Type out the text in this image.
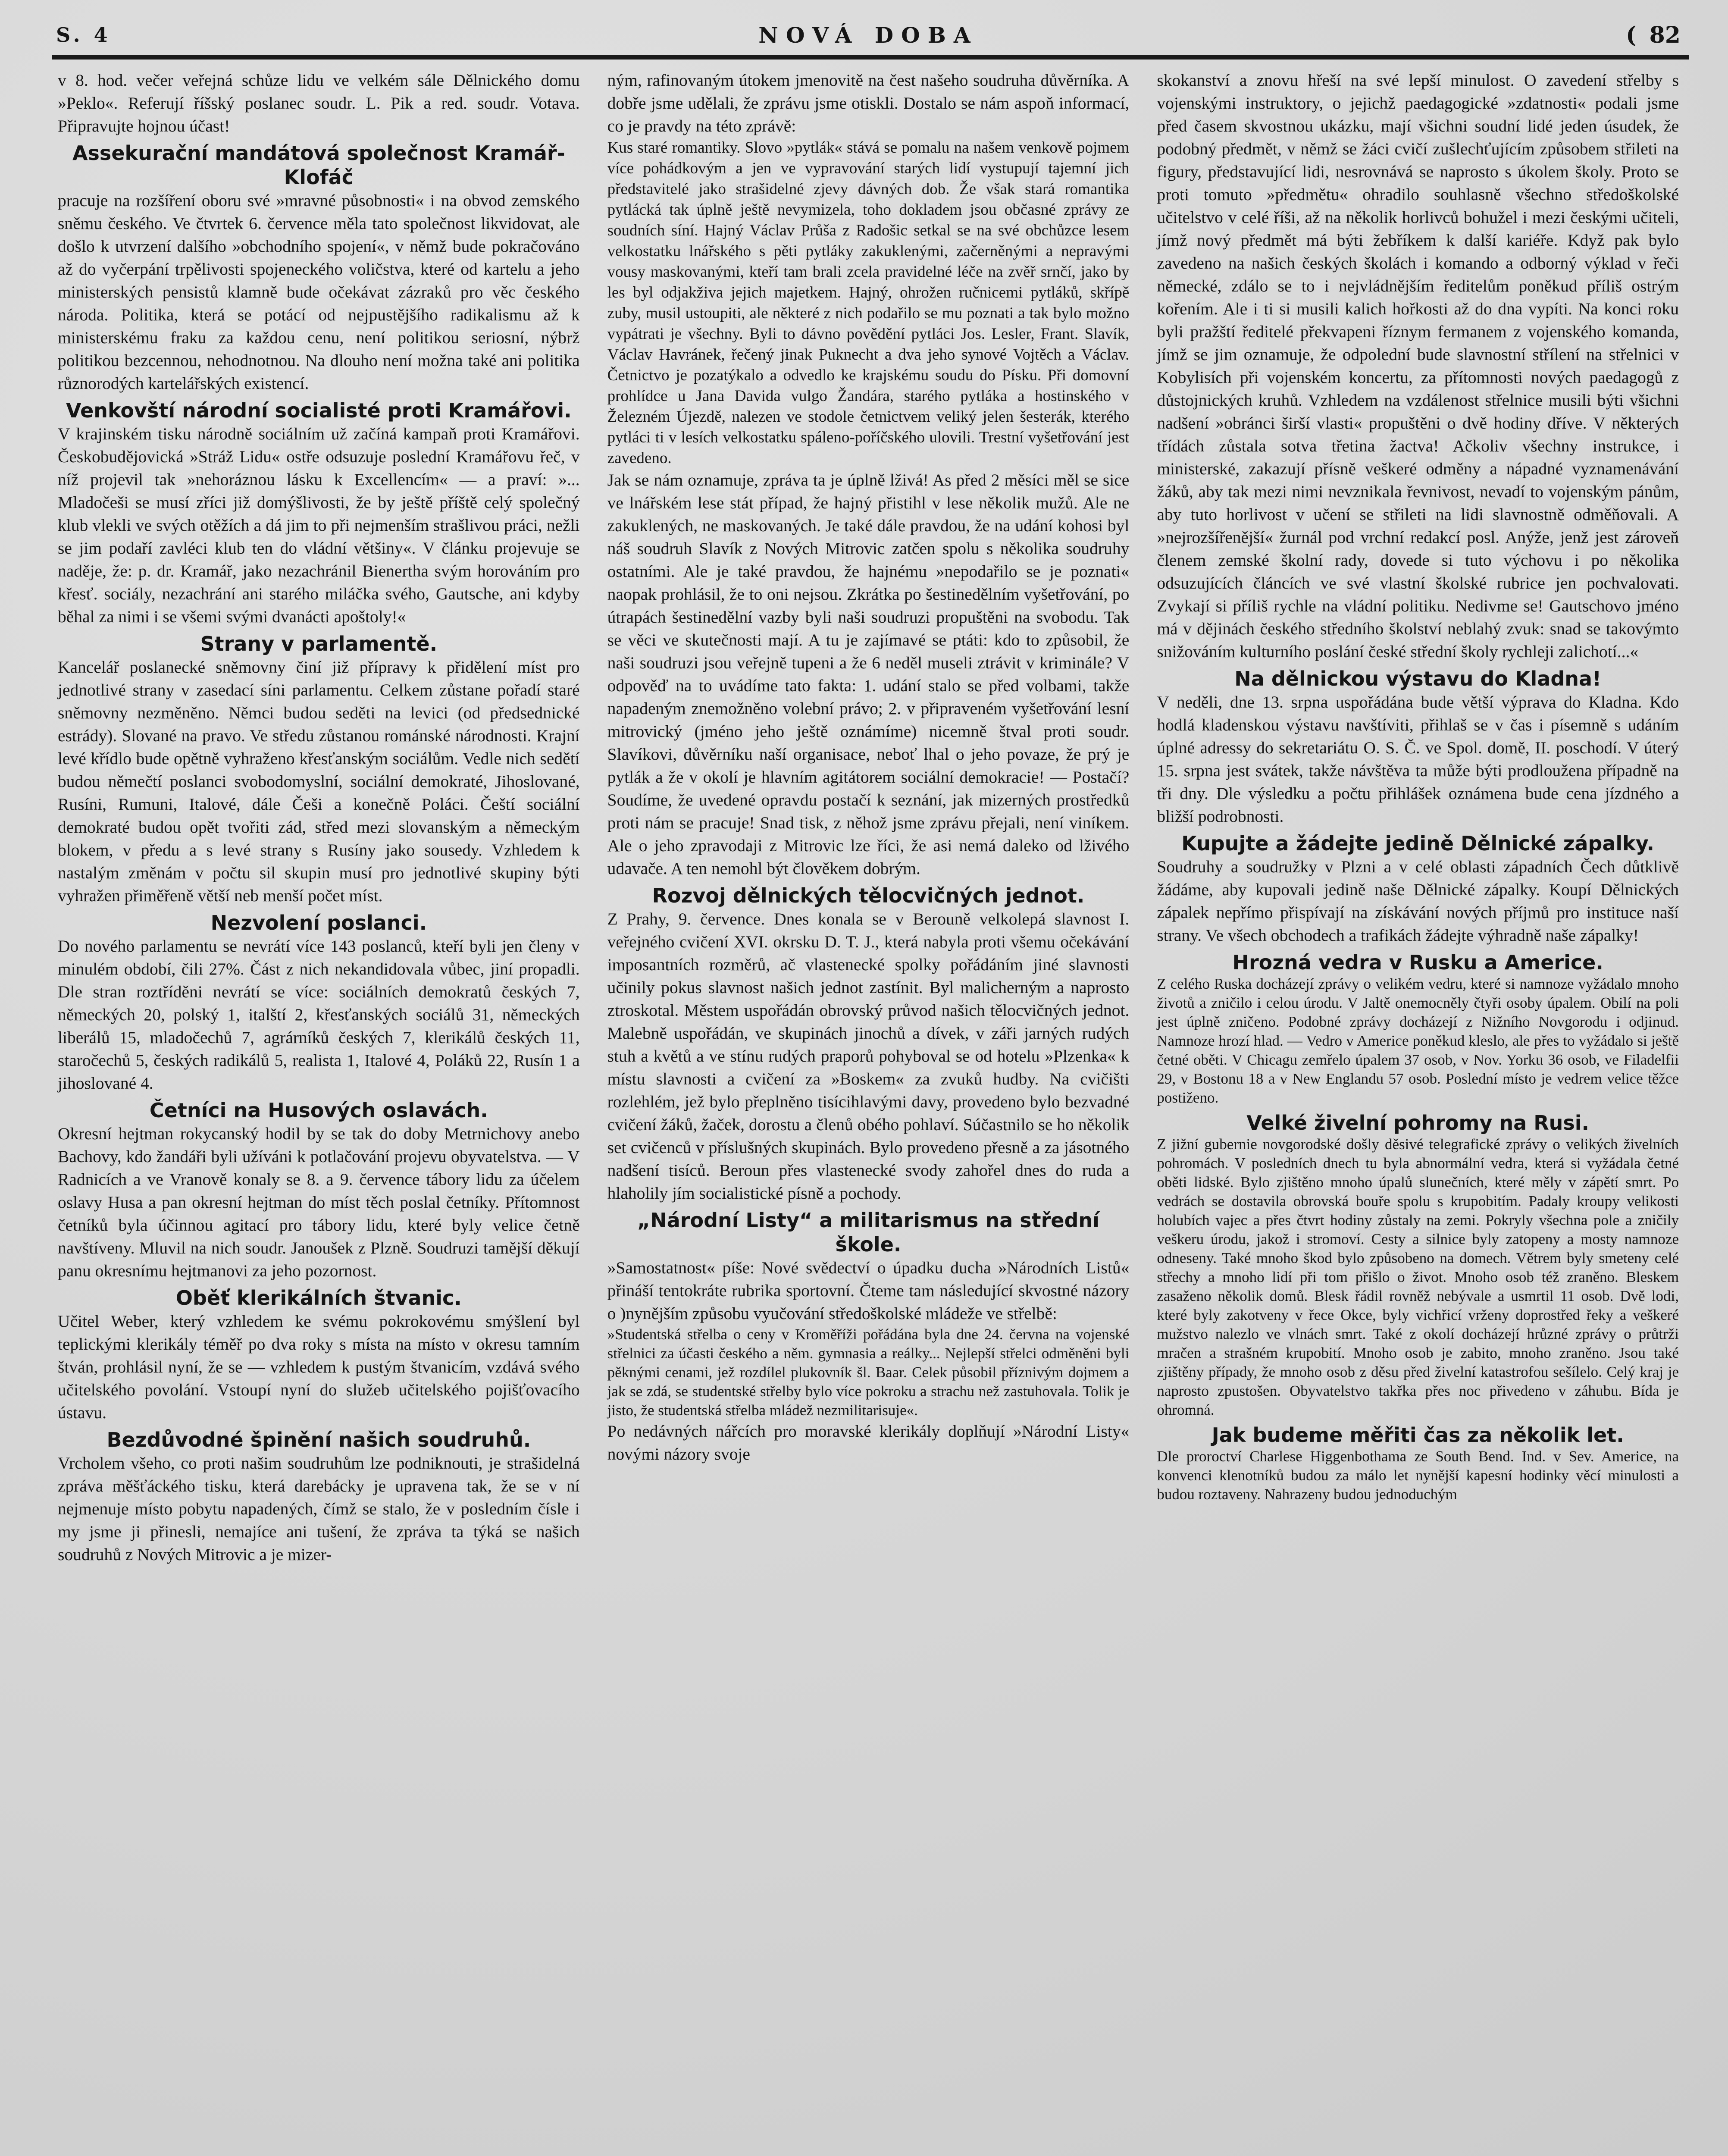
S. 4	NOVÁ DOBA	( 82

v 8. hod. večer veřejná schůze lidu ve velkém sále Dělnického domu »Peklo«. Referují říšský poslanec soudr. L. Pik a red. soudr. Votava. Připravujte hojnou účast!

Assekurační mandátová společnost Kramář-Klofáč

pracuje na rozšíření oboru své »mravné působnosti« i na obvod zemského sněmu českého. Ve čtvrtek 6. července měla tato společnost likvidovat, ale došlo k utvrzení dalšího »obchodního spojení«, v němž bude pokračováno až do vyčerpání trpělivosti spojeneckého voličstva, které od kartelu a jeho ministerských pensistů klamně bude očekávat zázraků pro věc českého národa. Politika, která se potácí od nejpustějšího radikalismu až k ministerskému fraku za každou cenu, není politikou seriosní, nýbrž politikou bezcennou, nehodnotnou. Na dlouho není možna také ani politika různorodých kartelářských existencí.

Venkovští národní socialisté proti Kramářovi.

V krajinském tisku národně sociálním už začíná kampaň proti Kramářovi. Českobudějovická »Stráž Lidu« ostře odsuzuje poslední Kramářovu řeč, v níž projevil tak »nehoráznou lásku k Excellencím« — a praví: »... Mladočeši se musí zříci již domýšlivosti, že by ještě příště celý společný klub vlekli ve svých otěžích a dá jim to při nejmenším strašlivou práci, nežli se jim podaří zavléci klub ten do vládní většiny«. V článku projevuje se naděje, že: p. dr. Kramář, jako nezachránil Bienertha svým horováním pro křesť. sociály, nezachrání ani starého miláčka svého, Gautsche, ani kdyby běhal za nimi i se všemi svými dvanácti apoštoly!«

Strany v parlamentě.

Kancelář poslanecké sněmovny činí již přípravy k přidělení míst pro jednotlivé strany v zasedací síni parlamentu. Celkem zůstane pořadí staré sněmovny nezměněno. Němci budou seděti na levici (od předsednické estrády). Slované na pravo. Ve středu zůstanou románské národnosti. Krajní levé křídlo bude opětně vyhraženo křesťanským sociálům. Vedle nich sedětí budou němečtí poslanci svobodomyslní, sociální demokraté, Jihoslované, Rusíni, Rumuni, Italové, dále Češi a konečně Poláci. Čeští sociální demokraté budou opět tvořiti zád, střed mezi slovanským a německým blokem, v předu a s levé strany s Rusíny jako sousedy. Vzhledem k nastalým změnám v počtu sil skupin musí pro jednotlivé skupiny býti vyhražen přiměřeně větší neb menší počet míst.

Nezvolení poslanci.

Do nového parlamentu se nevrátí více 143 poslanců, kteří byli jen členy v minulém období, čili 27%. Část z nich nekandidovala vůbec, jiní propadli. Dle stran roztříděni nevrátí se více: sociálních demokratů českých 7, německých 20, polský 1, italští 2, křesťanských sociálů 31, německých liberálů 15, mladočechů 7, agrárníků českých 7, klerikálů českých 11, staročechů 5, českých radikálů 5, realista 1, Italové 4, Poláků 22, Rusín 1 a jihoslované 4.

Četníci na Husových oslavách.

Okresní hejtman rokycanský hodil by se tak do doby Metrnichovy anebo Bachovy, kdo žandáři byli užíváni k potlačování projevu obyvatelstva. — V Radnicích a ve Vranově konaly se 8. a 9. července tábory lidu za účelem oslavy Husa a pan okresní hejtman do míst těch poslal četníky. Přítomnost četníků byla účinnou agitací pro tábory lidu, které byly velice četně navštíveny. Mluvil na nich soudr. Janoušek z Plzně. Soudruzi tamější děkují panu okresnímu hejtmanovi za jeho pozornost.

Oběť klerikálních štvanic.

Učitel Weber, který vzhledem ke svému pokrokovému smýšlení byl teplickými klerikály téměř po dva roky s místa na místo v okresu tamním štván, prohlásil nyní, že se — vzhledem k pustým štvanicím, vzdává svého učitelského povolání. Vstoupí nyní do služeb učitelského pojišťovacího ústavu.

Bezdůvodné špinění našich soudruhů.

Vrcholem všeho, co proti našim soudruhům lze podniknouti, je strašidelná zpráva měšťáckého tisku, která darebácky je upravena tak, že se v ní nejmenuje místo pobytu napadených, čímž se stalo, že v posledním čísle i my jsme ji přinesli, nemajíce ani tušení, že zpráva ta týká se našich soudruhů z Nových Mitrovic a je mizer-

ným, rafinovaným útokem jmenovitě na čest našeho soudruha důvěrníka. A dobře jsme udělali, že zprávu jsme otiskli. Dostalo se nám aspoň informací, co je pravdy na této zprávě:

Kus staré romantiky. Slovo »pytlák« stává se pomalu na našem venkově pojmem více pohádkovým a jen ve vypravování starých lidí vystupují tajemní jich představitelé jako strašidelné zjevy dávných dob. Že však stará romantika pytlácká tak úplně ještě nevymizela, toho dokladem jsou občasné zprávy ze soudních síní. Hajný Václav Průša z Radošic setkal se na své obchůzce lesem velkostatku lnářského s pěti pytláky zakuklenými, začerněnými a nepravými vousy maskovanými, kteří tam brali zcela pravidelné léče na zvěř srnčí, jako by les byl odjakživa jejich majetkem. Hajný, ohrožen ručnicemi pytláků, skřípě zuby, musil ustoupiti, ale některé z nich podařilo se mu poznati a tak bylo možno vypátrati je všechny. Byli to dávno povědění pytláci Jos. Lesler, Frant. Slavík, Václav Havránek, řečený jinak Puknecht a dva jeho synové Vojtěch a Václav. Četnictvo je pozatýkalo a odvedlo ke krajskému soudu do Písku. Při domovní prohlídce u Jana Davida vulgo Žandára, starého pytláka a hostinského v Železném Újezdě, nalezen ve stodole četnictvem veliký jelen šesterák, kterého pytláci ti v lesích velkostatku spáleno-poříčského ulovili. Trestní vyšetřování jest zavedeno.

Jak se nám oznamuje, zpráva ta je úplně lživá! As před 2 měsíci měl se sice ve lnářském lese stát případ, že hajný přistihl v lese několik mužů. Ale ne zakuklených, ne maskovaných. Je také dále pravdou, že na udání kohosi byl náš soudruh Slavík z Nových Mitrovic zatčen spolu s několika soudruhy ostatními. Ale je také pravdou, že hajnému »nepodařilo se je poznati« naopak prohlásil, že to oni nejsou. Zkrátka po šestinedělním vyšetřování, po útrapách šestinedělní vazby byli naši soudruzi propuštěni na svobodu. Tak se věci ve skutečnosti mají. A tu je zajímavé se ptáti: kdo to způsobil, že naši soudruzi jsou veřejně tupeni a že 6 neděl museli ztrávit v kriminále? V odpověď na to uvádíme tato fakta: 1. udání stalo se před volbami, takže napadeným znemožněno volební právo; 2. v připraveném vyšetřování lesní mitrovický (jméno jeho ještě oznámíme) nicemně štval proti soudr. Slavíkovi, důvěrníku naší organisace, neboť lhal o jeho povaze, že prý je pytlák a že v okolí je hlavním agitátorem sociální demokracie! — Postačí? Soudíme, že uvedené opravdu postačí k seznání, jak mizerných prostředků proti nám se pracuje! Snad tisk, z něhož jsme zprávu přejali, není viníkem. Ale o jeho zpravodaji z Mitrovic lze říci, že asi nemá daleko od lživého udavače. A ten nemohl být člověkem dobrým.

Rozvoj dělnických tělocvičných jednot.

Z Prahy, 9. července. Dnes konala se v Berouně velkolepá slavnost I. veřejného cvičení XVI. okrsku D. T. J., která nabyla proti všemu očekávání imposantních rozměrů, ač vlastenecké spolky pořádáním jiné slavnosti učinily pokus slavnost našich jednot zastínit. Byl malicherným a naprosto ztroskotal. Městem uspořádán obrovský průvod našich tělocvičných jednot. Malebně uspořádán, ve skupinách jinochů a dívek, v záři jarných rudých stuh a květů a ve stínu rudých praporů pohyboval se od hotelu »Plzenka« k místu slavnosti a cvičení za »Boskem« za zvuků hudby. Na cvičišti rozlehlém, jež bylo přeplněno tisícihlavými davy, provedeno bylo bezvadné cvičení žáků, žaček, dorostu a členů obého pohlaví. Súčastnilo se ho několik set cvičenců v příslušných skupinách. Bylo provedeno přesně a za jásotného nadšení tisíců. Beroun přes vlastenecké svody zahořel dnes do ruda a hlaholily jím socialistické písně a pochody.

„Národní Listy“ a militarismus na střední škole.

»Samostatnost« píše: Nové svědectví o úpadku ducha »Národních Listů« přináší tentokráte rubrika sportovní. Čteme tam následující skvostné názory o )nynějším způsobu vyučování středoškolské mládeže ve střelbě:

»Studentská střelba o ceny v Kroměříži pořádána byla dne 24. června na vojenské střelnici za účasti českého a něm. gymnasia a reálky... Nejlepší střelci odměněni byli pěknými cenami, jež rozdílel plukovník šl. Baar. Celek působil příznivým dojmem a jak se zdá, se studentské střelby bylo více pokroku a strachu než zastuhovala. Tolik je jisto, že studentská střelba mládež nezmilitarisuje«.

Po nedávných nářcích pro moravské klerikály doplňují »Národní Listy« novými názory svoje

skokanství a znovu hřeší na své lepší minulost. O zavedení střelby s vojenskými instruktory, o jejichž paedagogické »zdatnosti« podali jsme před časem skvostnou ukázku, mají všichni soudní lidé jeden úsudek, že podobný předmět, v němž se žáci cvičí zušlechťujícím způsobem střileti na figury, představující lidi, nesrovnává se naprosto s úkolem školy. Proto se proti tomuto »předmětu« ohradilo souhlasně všechno středoškolské učitelstvo v celé říši, až na několik horlivců bohužel i mezi českými učiteli, jímž nový předmět má býti žebříkem k další kariéře. Když pak bylo zavedeno na našich českých školách i komando a odborný výklad v řeči německé, zdálo se to i nejvládnějším ředitelům poněkud příliš ostrým kořením. Ale i ti si musili kalich hořkosti až do dna vypíti. Na konci roku byli pražští ředitelé překvapeni říznym fermanem z vojenského komanda, jímž se jim oznamuje, že odpolední bude slavnostní střílení na střelnici v Kobylisích při vojenském koncertu, za přítomnosti nových paedagogů z důstojnických kruhů. Vzhledem na vzdálenost střelnice musili býti všichni nadšení »obránci širší vlasti« propuštěni o dvě hodiny dříve. V některých třídách zůstala sotva třetina žactva! Ačkoliv všechny instrukce, i ministerské, zakazují přísně veškeré odměny a nápadné vyznamenávání žáků, aby tak mezi nimi nevznikala řevnivost, nevadí to vojenským pánům, aby tuto horlivost v učení se střileti na lidi slavnostně odměňovali. A »nejrozšířenější« žurnál pod vrchní redakcí posl. Anýže, jenž jest zároveň členem zemské školní rady, dovede si tuto výchovu i po několika odsuzujících článcích ve své vlastní školské rubrice jen pochvalovati. Zvykají si příliš rychle na vládní politiku. Nedivme se! Gautschovo jméno má v dějinách českého středního školství neblahý zvuk: snad se takovýmto snižováním kulturního poslání české střední školy rychleji zalichotí...«

Na dělnickou výstavu do Kladna!

V neděli, dne 13. srpna uspořádána bude větší výprava do Kladna. Kdo hodlá kladenskou výstavu navštíviti, přihlaš se v čas i písemně s udáním úplné adressy do sekretariátu O. S. Č. ve Spol. domě, II. poschodí. V úterý 15. srpna jest svátek, takže návštěva ta může býti prodloužena případně na tři dny. Dle výsledku a počtu přihlášek oznámena bude cena jízdného a bližší podrobnosti.

Kupujte a žádejte jedině Dělnické zápalky.

Soudruhy a soudružky v Plzni a v celé oblasti západních Čech důtklivě žádáme, aby kupovali jedině naše Dělnické zápalky. Koupí Dělnických zápalek nepřímo přispívají na získávání nových příjmů pro instituce naší strany. Ve všech obchodech a trafikách žádejte výhradně naše zápalky!

Hrozná vedra v Rusku a Americe.

Z celého Ruska docházejí zprávy o velikém vedru, které si namnoze vyžádalo mnoho životů a zničilo i celou úrodu. V Jaltě onemocněly čtyři osoby úpalem. Obilí na poli jest úplně zničeno. Podobné zprávy docházejí z Nižního Novgorodu i odjinud. Namnoze hrozí hlad. — Vedro v Americe poněkud kleslo, ale přes to vyžádalo si ještě četné oběti. V Chicagu zemřelo úpalem 37 osob, v Nov. Yorku 36 osob, ve Filadelfii 29, v Bostonu 18 a v New Englandu 57 osob. Poslední místo je vedrem velice těžce postiženo.

Velké živelní pohromy na Rusi.

Z jižní gubernie novgorodské došly děsivé telegrafické zprávy o velikých živelních pohromách. V posledních dnech tu byla abnormální vedra, která si vyžádala četné oběti lidské. Bylo zjištěno mnoho úpalů slunečních, které měly v zápětí smrt. Po vedrách se dostavila obrovská bouře spolu s krupobitím. Padaly kroupy velikosti holubích vajec a přes čtvrt hodiny zůstaly na zemi. Pokryly všechna pole a zničily veškeru úrodu, jakož i stromoví. Cesty a silnice byly zatopeny a mosty namnoze odneseny. Také mnoho škod bylo způsobeno na domech. Větrem byly smeteny celé střechy a mnoho lidí při tom přišlo o život. Mnoho osob též zraněno. Bleskem zasaženo několik domů. Blesk řádil rovněž nebývale a usmrtil 11 osob. Dvě lodi, které byly zakotveny v řece Okce, byly vichřicí vrženy doprostřed řeky a veškeré mužstvo nalezlo ve vlnách smrt. Také z okolí docházejí hrůzné zprávy o průtrži mračen a strašném krupobití. Mnoho osob je zabito, mnoho zraněno. Jsou také zjištěny případy, že mnoho osob z děsu před živelní katastrofou sešílelo. Celý kraj je naprosto zpustošen. Obyvatelstvo takřka přes noc přivedeno v záhubu. Bída je ohromná.

Jak budeme měřiti čas za několik let.

Dle proroctví Charlese Higgenbothama ze South Bend. Ind. v Sev. Americe, na konvenci klenotníků budou za málo let nynější kapesní hodinky věcí minulosti a budou roztaveny. Nahrazeny budou jednoduchým
